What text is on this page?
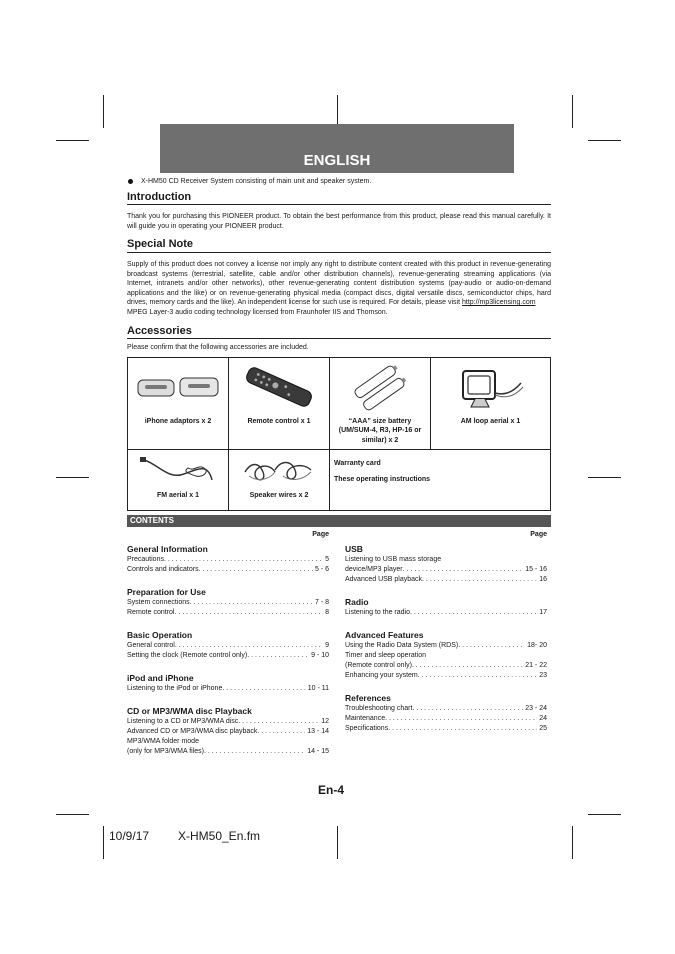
ENGLISH
X-HM50 CD Receiver System consisting of main unit and speaker system.
Introduction

Thank you for purchasing this PIONEER product. To obtain the best performance from this product, please read this manual carefully. It will guide you in operating your PIONEER product.

Special Note

Supply of this product does not convey a license nor imply any right to distribute content created with this product in revenue-generating broadcast systems (terrestrial, satellite, cable and/or other distribution channels), revenue-generating streaming applications (via Internet, intranets and/or other networks), other revenue-generating content distribution systems (pay-audio or audio-on-demand applications and the like) or on revenue-generating physical media (compact discs, digital versatile discs, semiconductor chips, hard drives, memory cards and the like). An independent license for such use is required. For details, please visit http://mp3licensing.com

MPEG Layer-3 audio coding technology licensed from Fraunhofer IIS and Thomson.

Accessories

Please confirm that the following accessories are included.

iPhone adaptors x 2	Remote control x 1	“AAA” size battery (UM/SUM-4, R3, HP-16 or similar) x 2	AM loop aerial x 1

FM aerial x 1	Speaker wires x 2	Warranty card
These operating instructions	
CONTENTS
Page
General Information
Precautions . . .	5
Controls and indicators . . .	5 - 6
Preparation for Use
System connections . . .	7 - 8
Remote control . . .	8
Basic Operation
General control . . .	9
Setting the clock (Remote control only) . . .	9 - 10
iPod and iPhone
Listening to the iPod or iPhone . . .	10 - 11
CD or MP3/WMA disc Playback
Listening to a CD or MP3/WMA disc . . .	12
Advanced CD or MP3/WMA disc playback . . .	13 - 14
MP3/WMA folder mode
(only for MP3/WMA files) . . .	14 - 15
Page
USB
Listening to USB mass storage
device/MP3 player . . .	15 - 16
Advanced USB playback . . .	16
Radio
Listening to the radio . . .	17
Advanced Features
Using the Radio Data System (RDS) . . .	18- 20
Timer and sleep operation
(Remote control only) . . .	21 - 22
Enhancing your system . . .	23
References
Troubleshooting chart . . .	23 - 24
Maintenance . . .	24
Specifications . . .	25
En-4
10/9/17 X-HM50_En.fm
